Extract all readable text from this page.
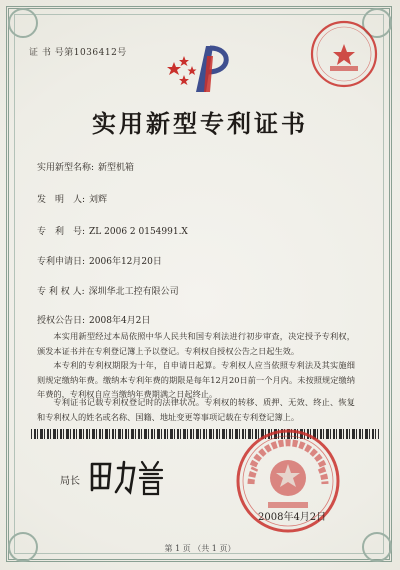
证 书 号第1036412号
实用新型专利证书
实用新型名称: 新型机箱
发　明　人: 刘辉
专　利　号: ZL 2006 2 0154991.X
专利申请日: 2006年12月20日
专 利 权 人: 深圳华北工控有限公司
授权公告日: 2008年4月2日
本实用新型经过本局依照中华人民共和国专利法进行初步审查，决定授予专利权，颁发本证书并在专利登记簿上予以登记。专利权自授权公告之日起生效。
本专利的专利权期限为十年，自申请日起算。专利权人应当依照专利法及其实施细则规定缴纳年费。缴纳本专利年费的期限是每年12月20日前一个月内。未按照规定缴纳年费的，专利权自应当缴纳年费期满之日起终止。
专利证书记载专利权登记时的法律状况。专利权的转移、质押、无效、终止、恢复和专利权人的姓名或名称、国籍、地址变更等事项记载在专利登记簿上。
局长
2008年4月2日
第 1 页 （共 1 页）
